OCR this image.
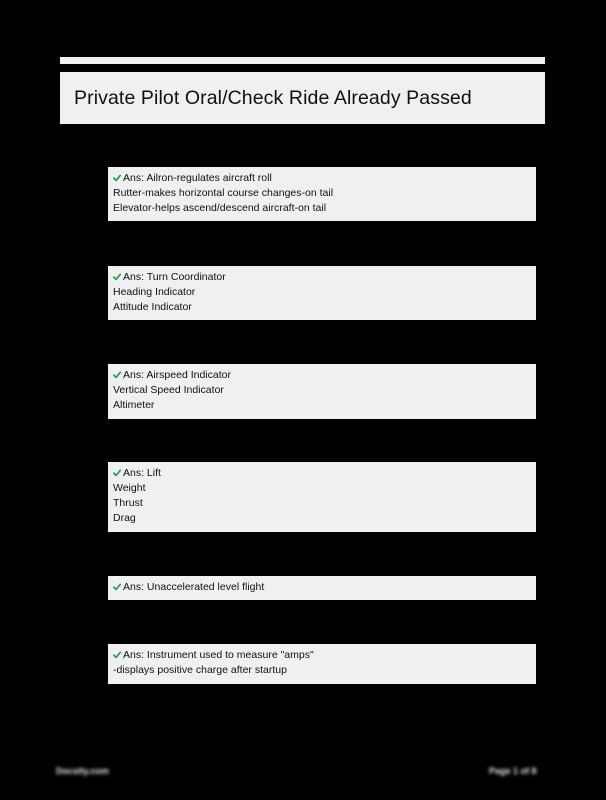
Private Pilot Oral/Check Ride Already Passed
Ans: Ailron-regulates aircraft roll
Rutter-makes horizontal course changes-on tail
Elevator-helps ascend/descend aircraft-on tail
Ans: Turn Coordinator
Heading Indicator
Attitude Indicator
Ans: Airspeed Indicator
Vertical Speed Indicator
Altimeter
Ans: Lift
Weight
Thrust
Drag
Ans: Unaccelerated level flight
Ans: Instrument used to measure "amps"
-displays positive charge after startup
Docsity.com	Page 1 of 8
